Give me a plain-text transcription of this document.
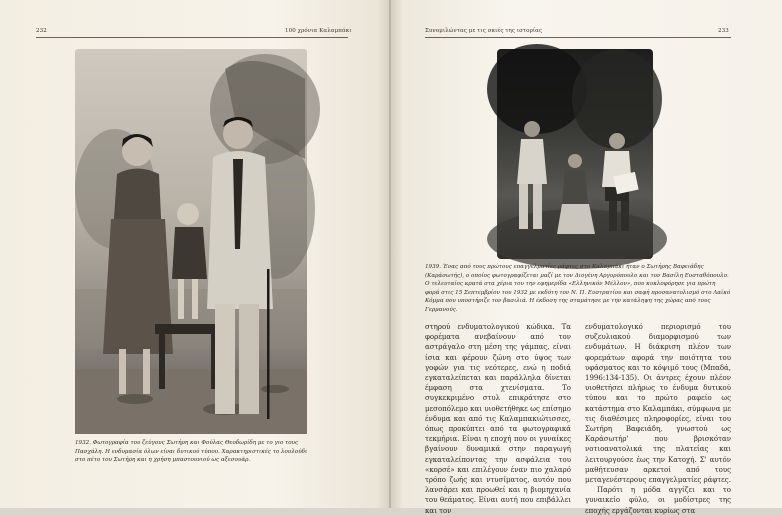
232	100 χρόνια Καλαμπάκι

1932. Φωτογραφία του ζεύγους Σωτήρη και Φούλας Θεοδωρίδη με το γιο τους Πασχάλη. Η ενδυμασία όλων είναι δυτικού τύπου. Χαρακτηριστικές το λουλούδι στο πέτο του Σωτήρη και η χρήση μπαστουνιού ως αξεσουάρ.

Συνομιλώντας με τις σκιές της ιστορίας	233

1939. Ένας από τους πρώτους επαγγελματίες ράφτες στο Καλαμπάκι ήταν ο Σωτήρης Βαφειάδης (Καράσωτής), ο οποίος φωτογραφίζεται μαζί με τον Διογένη Αργυρόπουλο και τον Βασίλη Ευσταθόπουλο. Ο τελευταίος κρατά στα χέρια του την εφημερίδα «Ελληνικόν Μέλλον», που κυκλοφόρησε για πρώτη φορά στις 15 Σεπτεμβρίου του 1932 με εκδότη τον Ν. Π. Ευστρατίου και σαφή προσανατολισμό στο Λαϊκό Κόμμα που υποστήριζε τον βασιλιά. Η έκδοση της σταμάτησε με την κατάληψη της χώρας από τους Γερμανούς.

στηρού ενδυματολογικού κώδικα. Τα φορέματα ανεβαίνουν από τον αστράγαλο στη μέση της γάμπας, είναι ίσια και φέρουν ζώνη στο ύψος των γοφών για τις νεότερες, ενώ η ποδιά εγκαταλείπεται και παράλληλα δίνεται έμφαση στα χτενίσματα. Το συγκεκριμένο στυλ επικράτησε στο μεσοπόλεμο και υιοθετήθηκε ως επίσημο ένδυμα και από τις Καλαμπακιώτισσες, όπως προκύπτει από τα φωτογραφικά τεκμήρια. Είναι η εποχή που οι γυναίκες βγαίνουν δυναμικά στην παραγωγή εγκαταλείποντας την ασφάλεια του «κορσέ» και επιλέγουν έναν πιο χαλαρό τρόπο ζωής και ντυσίματος, αυτόν που λανσάρει και προωθεί και η βιομηχανία του θεάματος. Είναι αυτή που επιβάλλει και τον

ενδυματολογικό περιορισμό του συζευλιακού διαμορφισμού των ενδυμάτων. Η διάκριση πλέον των φορεμάτων αφορά την ποιότητα του υφάσματος και το κόψιμό τους (Μπαδά, 1996:134-135). Οι άντρες έχουν πλέον υιοθετήσει πλήρως το ένδυμα δυτικού τύπου και το πρώτο ραφείο ως κατάστημα στο Καλαμπάκι, σύμφωνα με τις διαθέσιμες πληροφορίες, είναι του Σωτήρη Βαφειάδη, γνωστού ως Καράσωτήρ' που βρισκόταν νοτιοανατολικά της πλατείας και λειτουργούσε έως την Κατοχή. Σ' αυτόν μαθήτευσαν αρκετοί από τους μεταγενέστερους επαγγελματίες ράφτες.

Παρότι η μόδα αγγίζει και το γυναικείο φύλο, οι μοδίστρες της εποχής εργάζονται κυρίως στα
